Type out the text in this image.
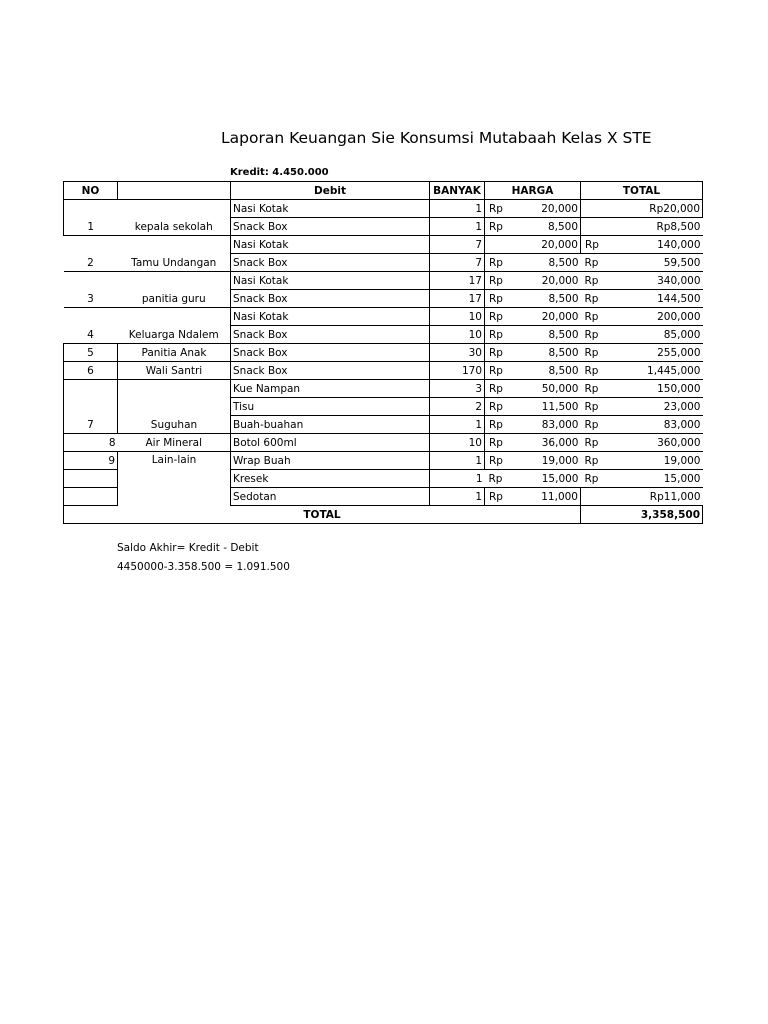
Laporan Keuangan Sie Konsumsi Mutabaah Kelas X STE
Kredit: 4.450.000
NO		Debit	BANYAK	HARGA	TOTAL
1	kepala sekolah	Nasi Kotak	1	Rp 20,000	Rp20,000

		Snack Box	1	Rp 8,500	Rp8,500

2	Tamu Undangan	Nasi Kotak	7	20,000	Rp 140,000

		Snack Box	7	Rp 8,500	Rp 59,500

3	panitia guru	Nasi Kotak	17	Rp 20,000	Rp 340,000

		Snack Box	17	Rp 8,500	Rp 144,500

4	Keluarga Ndalem	Nasi Kotak	10	Rp 20,000	Rp 200,000

		Snack Box	10	Rp 8,500	Rp 85,000

5	Panitia Anak	Snack Box	30	Rp 8,500	Rp 255,000

6	Wali Santri	Snack Box	170	Rp 8,500	Rp 1,445,000

7	Suguhan	Kue Nampan	3	Rp 50,000	Rp 150,000

		Tisu	2	Rp 11,500	Rp 23,000

		Buah-buahan	1	Rp 83,000	Rp 83,000

8	Air Mineral	Botol 600ml	10	Rp 36,000	Rp 360,000

9	Lain-lain	Wrap Buah	1	Rp 19,000	Rp 19,000

		Kresek	1	Rp 15,000	Rp 15,000

		Sedotan	1	Rp 11,000	Rp11,000

TOTAL					3,358,500
Saldo Akhir= Kredit - Debit
4450000-3.358.500 = 1.091.500
